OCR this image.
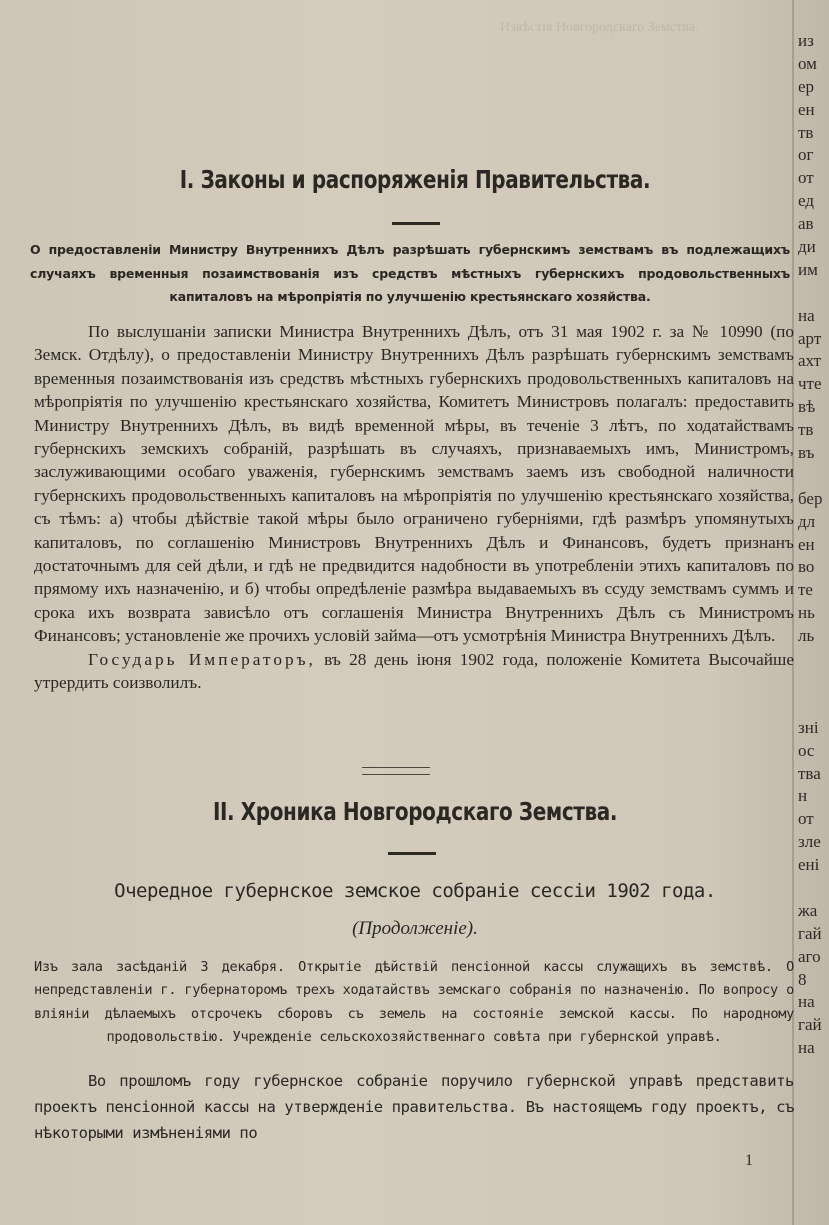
Извѣстія Новгородскаго Земства.
из
ом
ер
ен
тв
ог
от
ед
ав
ди
им
на
арт
ахт
чте
вѣ
тв
въ
бер
дл
ен
во
те
нь
ль
зні
ос
тва
н
от
зле
ені
жа
гай
аго
8
на
гай
на
I. Законы и распоряженія Правительства.
О предоставленіи Министру Внутреннихъ Дѣлъ разрѣшать губернскимъ земствамъ въ подлежащихъ случаяхъ временныя позаимствованія изъ средствъ мѣстныхъ губернскихъ продовольственныхъ капиталовъ на мѣропріятія по улучшенію крестьянскаго хозяйства.

По выслушаніи записки Министра Внутреннихъ Дѣлъ, отъ 31 мая 1902 г. за № 10990 (по Земск. Отдѣлу), о предоставленіи Министру Внутреннихъ Дѣлъ разрѣшать губернскимъ земствамъ временныя позаимствованія изъ средствъ мѣстныхъ губернскихъ продовольственныхъ капиталовъ на мѣропріятія по улучшенію крестьянскаго хозяйства, Комитетъ Министровъ полагалъ: предоставить Министру Внутреннихъ Дѣлъ, въ видѣ временной мѣры, въ теченіе 3 лѣтъ, по ходатайствамъ губернскихъ земскихъ собраній, разрѣшать въ случаяхъ, признаваемыхъ имъ, Министромъ, заслуживающими особаго уваженія, губернскимъ земствамъ заемъ изъ свободной наличности губернскихъ продовольственныхъ капиталовъ на мѣропріятія по улучшенію крестьянскаго хозяйства, съ тѣмъ: а) чтобы дѣйствіе такой мѣры было ограничено губерніями, гдѣ размѣръ упомянутыхъ капиталовъ, по соглашенію Министровъ Внутреннихъ Дѣлъ и Финансовъ, будетъ признанъ достаточнымъ для сей дѣли, и гдѣ не предвидится надобности въ употребленіи этихъ капиталовъ по прямому ихъ назначенію, и б) чтобы опредѣленіе размѣра выдаваемыхъ въ ссуду земствамъ суммъ и срока ихъ возврата зависѣло отъ соглашенія Министра Внутреннихъ Дѣлъ съ Министромъ Финансовъ; установленіе же прочихъ условій займа—отъ усмотрѣнія Министра Внутреннихъ Дѣлъ.

Государь Императоръ, въ 28 день іюня 1902 года, положеніе Комитета Высочайше утрердить соизволилъ.

II. Хроника Новгородскаго Земства.
Очередное губернское земское собраніе сессіи 1902 года.
(Продолженіе).
Изъ зала засѣданій 3 декабря. Открытіе дѣйствій пенсіонной кассы служащихъ въ земствѣ. О непредставленіи г. губернаторомъ трехъ ходатайствъ земскаго собранія по назначенію. По вопросу о вліяніи дѣлаемыхъ отсрочекъ сборовъ съ земель на состояніе земской кассы. По народному продовольствію. Учрежденіе сельскохозяйственнаго совѣта при губернской управѣ.
Во прошломъ году губернское собраніе поручило губернской управѣ представить проектъ пенсіонной кассы на утвержденіе правительства. Въ настоящемъ году проектъ, съ нѣкоторыми измѣненіями по
1
